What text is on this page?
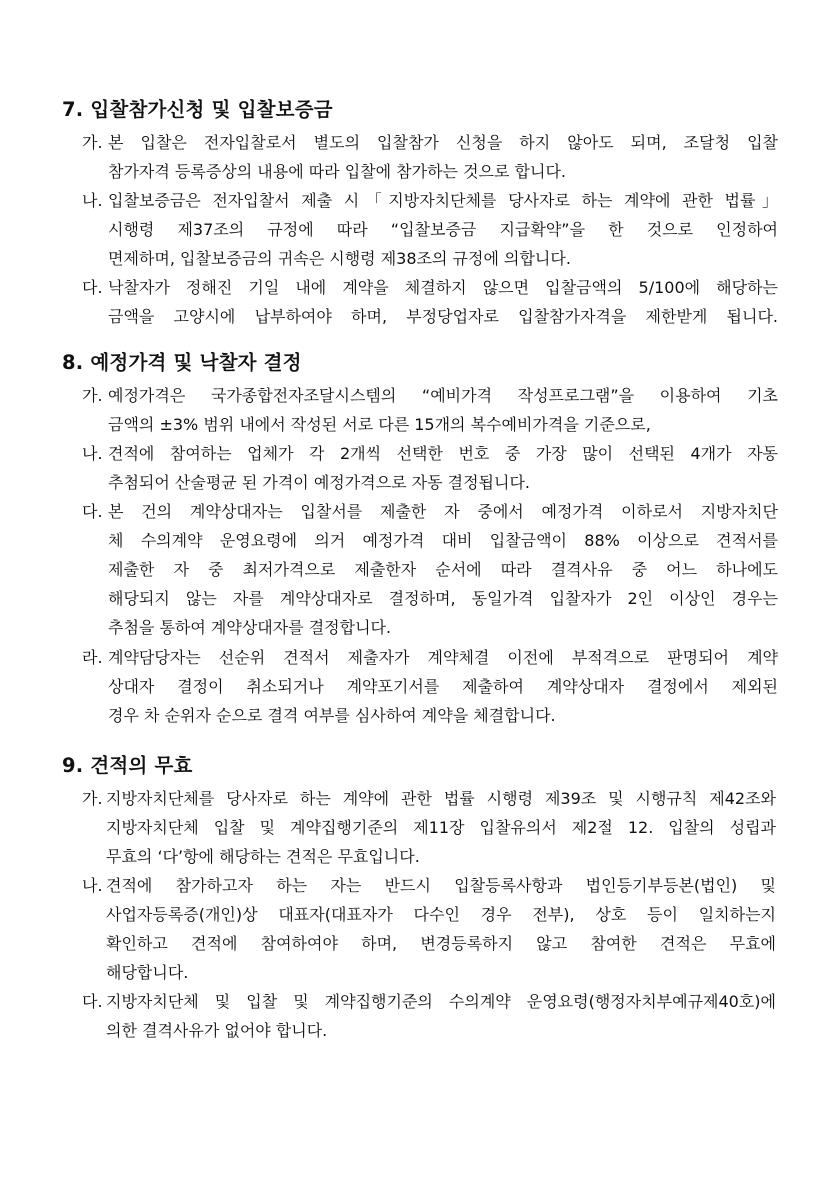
7. 입찰참가신청 및 입찰보증금
가. 본 입찰은 전자입찰로서 별도의 입찰참가 신청을 하지 않아도 되며, 조달청 입찰
참가자격 등록증상의 내용에 따라 입찰에 참가하는 것으로 합니다.
나. 입찰보증금은 전자입찰서 제출 시「지방자치단체를 당사자로 하는 계약에 관한 법률」
시행령 제37조의 규정에 따라 “입찰보증금 지급확약”을 한 것으로 인정하여
면제하며, 입찰보증금의 귀속은 시행령 제38조의 규정에 의합니다.
다. 낙찰자가 정해진 기일 내에 계약을 체결하지 않으면 입찰금액의 5/100에 해당하는
금액을 고양시에 납부하여야 하며, 부정당업자로 입찰참가자격을 제한받게 됩니다.
8. 예정가격 및 낙찰자 결정
가. 예정가격은 국가종합전자조달시스템의 “예비가격 작성프로그램”을 이용하여 기초
금액의 ±3% 범위 내에서 작성된 서로 다른 15개의 복수예비가격을 기준으로,
나. 견적에 참여하는 업체가 각 2개씩 선택한 번호 중 가장 많이 선택된 4개가 자동
추첨되어 산술평균 된 가격이 예정가격으로 자동 결정됩니다.
다. 본 건의 계약상대자는 입찰서를 제출한 자 중에서 예정가격 이하로서 지방자치단
체 수의계약 운영요령에 의거 예정가격 대비 입찰금액이 88% 이상으로 견적서를
제출한 자 중 최저가격으로 제출한자 순서에 따라 결격사유 중 어느 하나에도
해당되지 않는 자를 계약상대자로 결정하며, 동일가격 입찰자가 2인 이상인 경우는
추첨을 통하여 계약상대자를 결정합니다.
라. 계약담당자는 선순위 견적서 제출자가 계약체결 이전에 부적격으로 판명되어 계약
상대자 결정이 취소되거나 계약포기서를 제출하여 계약상대자 결정에서 제외된
경우 차 순위자 순으로 결격 여부를 심사하여 계약을 체결합니다.
9. 견적의 무효
가. 지방자치단체를 당사자로 하는 계약에 관한 법률 시행령 제39조 및 시행규칙 제42조와
지방자치단체 입찰 및 계약집행기준의 제11장 입찰유의서 제2절 12. 입찰의 성립과
무효의 ‘다’항에 해당하는 견적은 무효입니다.
나. 견적에 참가하고자 하는 자는 반드시 입찰등록사항과 법인등기부등본(법인) 및
사업자등록증(개인)상 대표자(대표자가 다수인 경우 전부), 상호 등이 일치하는지
확인하고 견적에 참여하여야 하며, 변경등록하지 않고 참여한 견적은 무효에
해당합니다.
다. 지방자치단체 및 입찰 및 계약집행기준의 수의계약 운영요령(행정자치부예규제40호)에
의한 결격사유가 없어야 합니다.
